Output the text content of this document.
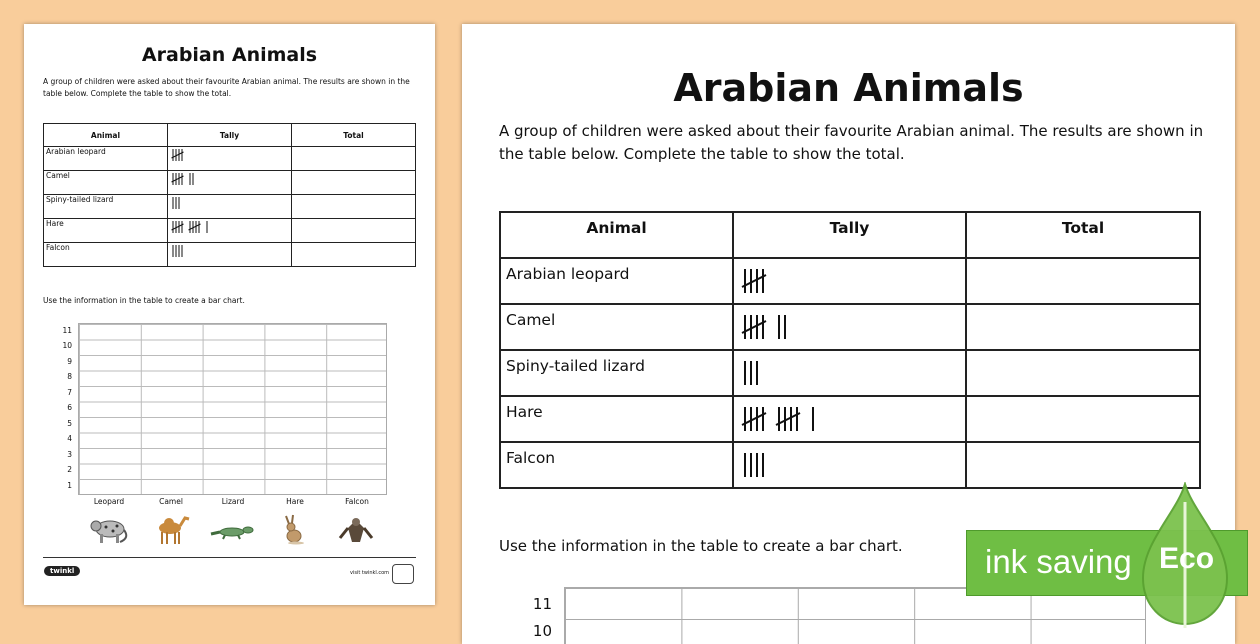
Arabian Animals
A group of children were asked about their favourite Arabian animal. The results are shown in the table below. Complete the table to show the total.
Animal	Tally	Total
Arabian leopard	

Camel	

Spiny-tailed lizard	

Hare	

Falcon	

Use the information in the table to create a bar chart.
11
10
9
8
7
6
5
4
3
2
1
Leopard	Camel	Lizard	Hare	Falcon
twinkl	visit twinkl.com
Arabian Animals
A group of children were asked about their favourite Arabian animal. The results are shown in the table below. Complete the table to show the total.
Animal	Tally	Total
Arabian leopard	

Camel	

Spiny-tailed lizard	

Hare	

Falcon	

Use the information in the table to create a bar chart.
11
10
ink saving Eco
